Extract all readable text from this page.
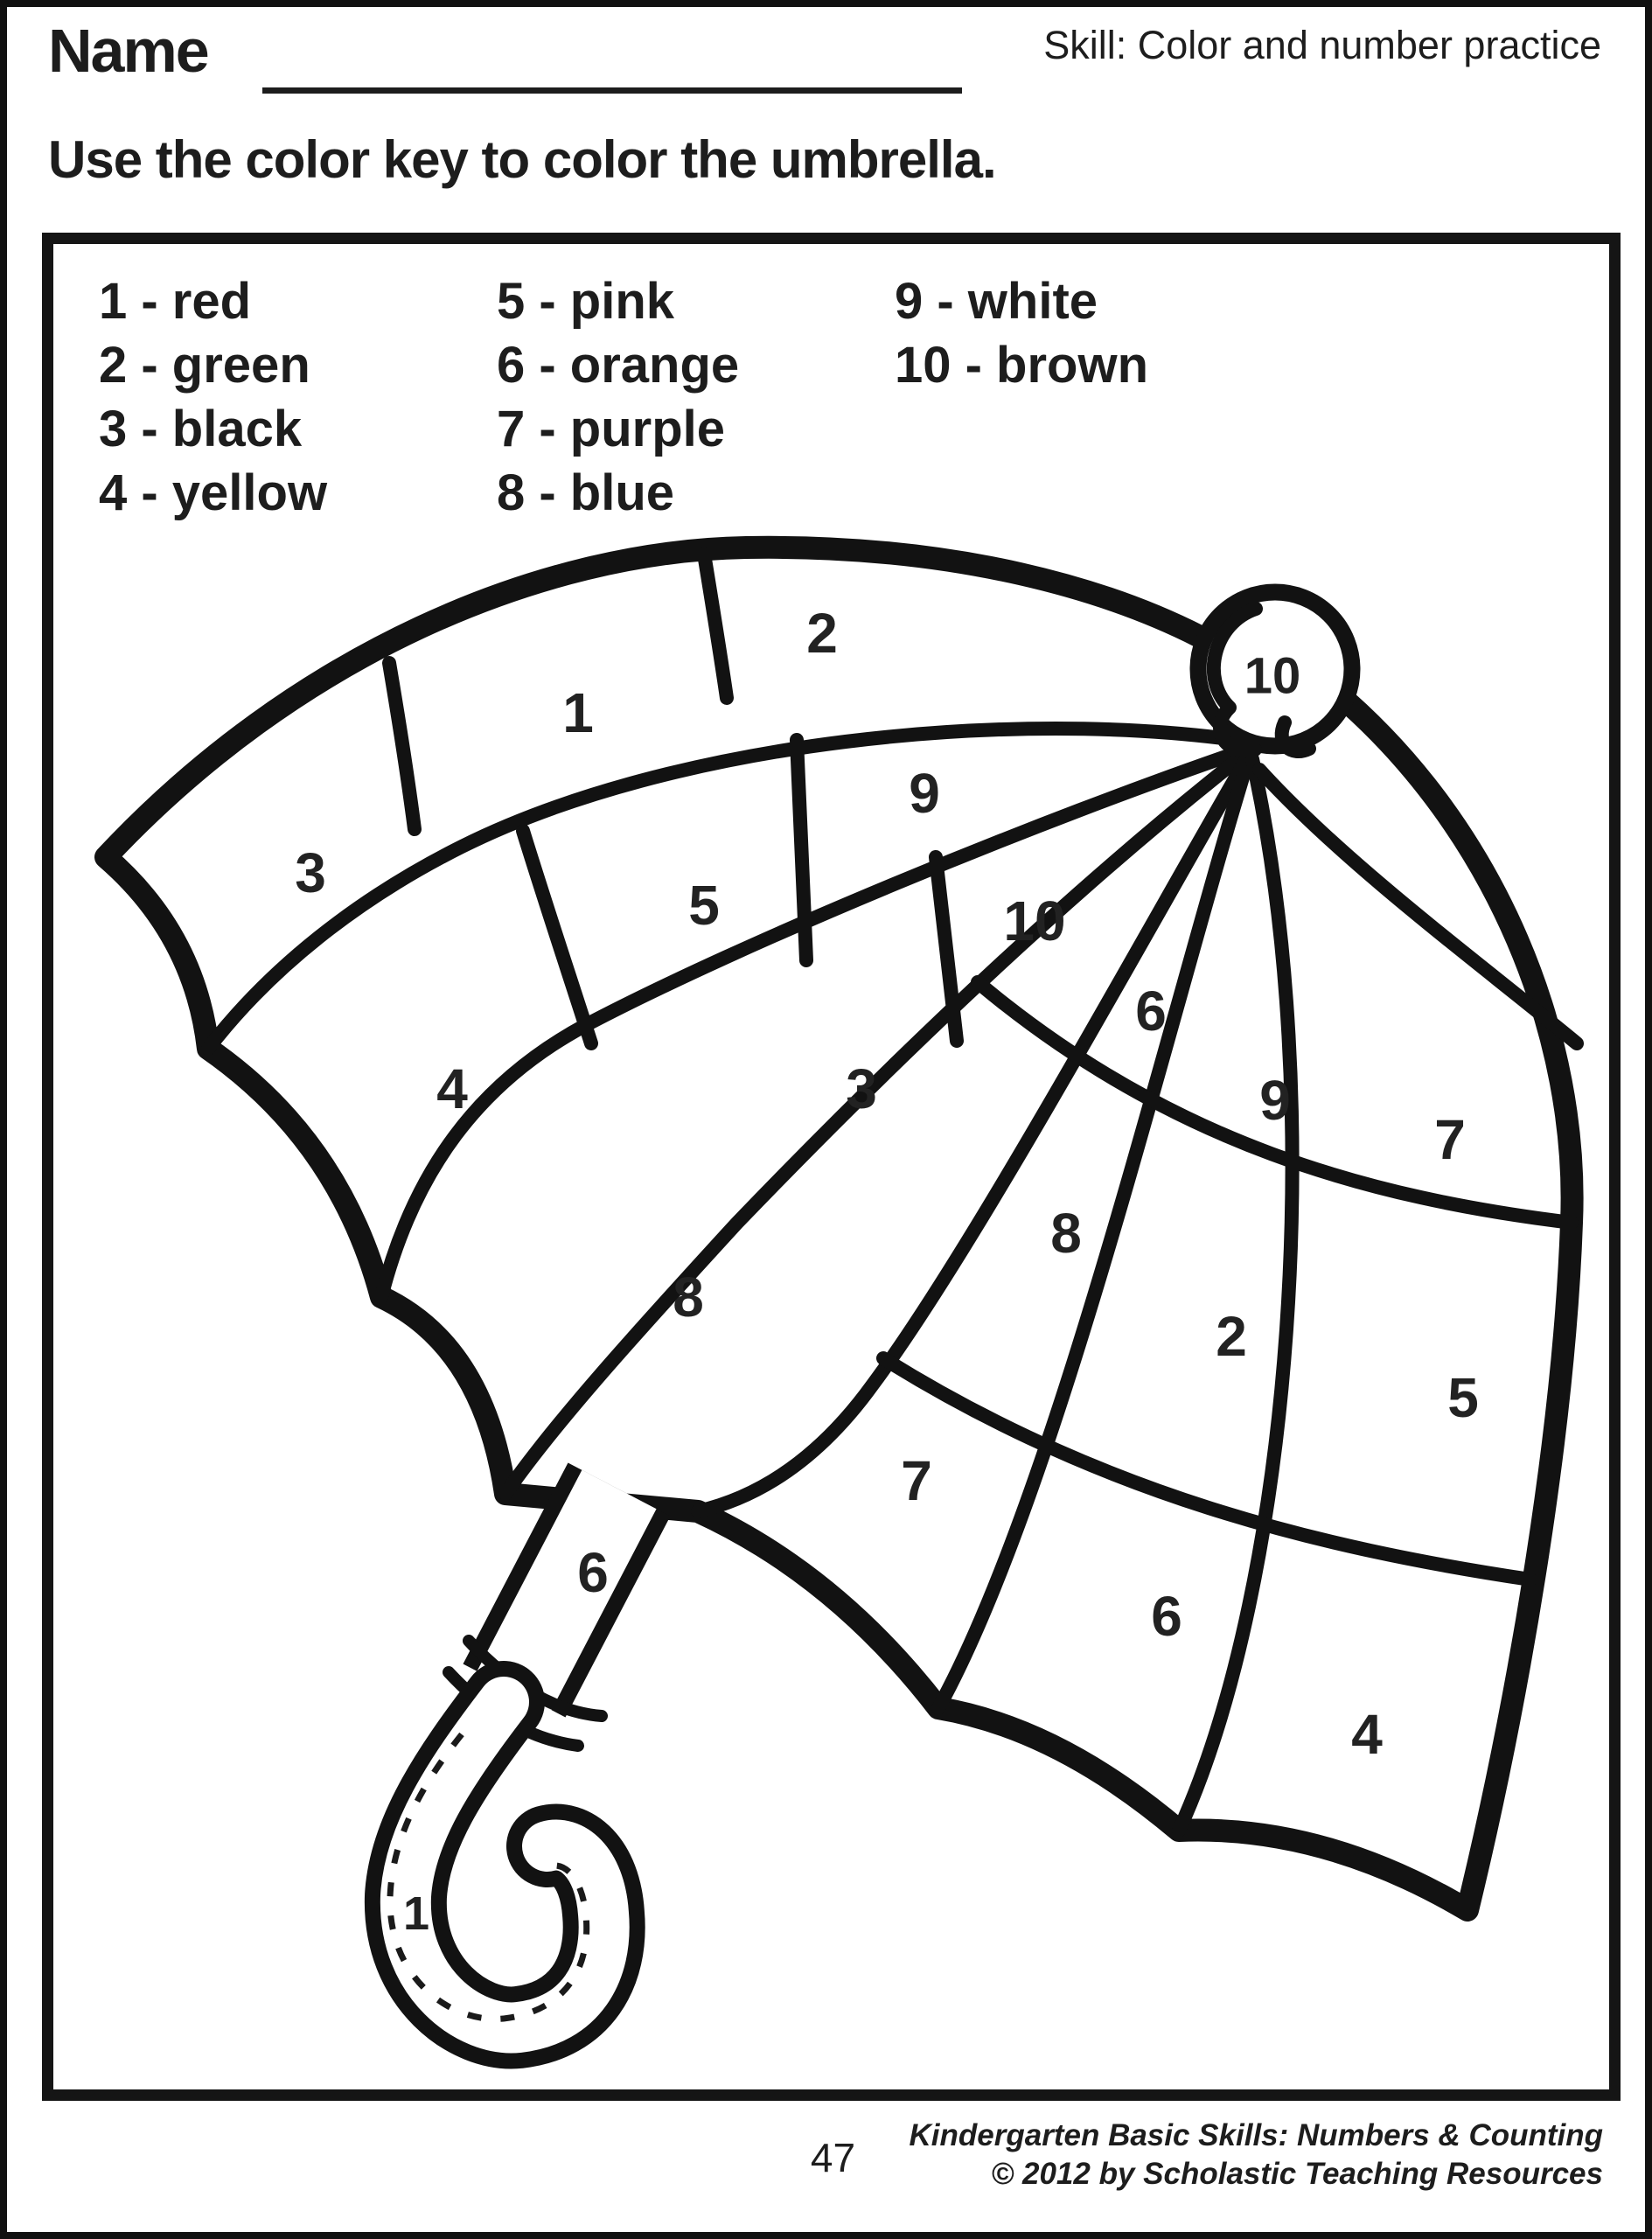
Name	Skill: Color and number practice
Use the color key to color the umbrella.
1 - red
2 - green
3 - black
4 - yellow
5 - pink
6 - orange
7 - purple
8 - blue
9 - white
10 - brown
3
1
2
9
5
4
10
3
8
6
9
7
8
2
5
7
6
4
6
10
1
47	Kindergarten Basic Skills: Numbers & Counting
© 2012 by Scholastic Teaching Resources
